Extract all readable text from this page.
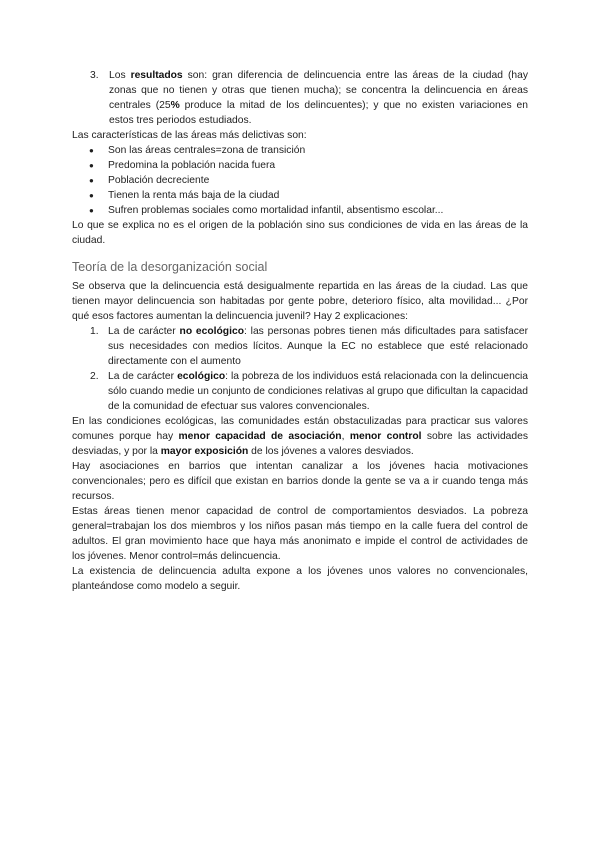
3. Los resultados son: gran diferencia de delincuencia entre las áreas de la ciudad (hay zonas que no tienen y otras que tienen mucha); se concentra la delincuencia en áreas centrales (25% produce la mitad de los delincuentes); y que no existen variaciones en estos tres periodos estudiados.

Las características de las áreas más delictivas son:

● Son las áreas centrales=zona de transición
● Predomina la población nacida fuera
● Población decreciente
● Tienen la renta más baja de la ciudad
● Sufren problemas sociales como mortalidad infantil, absentismo escolar...

Lo que se explica no es el origen de la población sino sus condiciones de vida en las áreas de la ciudad.

Teoría de la desorganización social

Se observa que la delincuencia está desigualmente repartida en las áreas de la ciudad. Las que tienen mayor delincuencia son habitadas por gente pobre, deterioro físico, alta movilidad... ¿Por qué esos factores aumentan la delincuencia juvenil? Hay 2 explicaciones:

1. La de carácter no ecológico: las personas pobres tienen más dificultades para satisfacer sus necesidades con medios lícitos. Aunque la EC no establece que esté relacionado directamente con el aumento
2. La de carácter ecológico: la pobreza de los individuos está relacionada con la delincuencia sólo cuando medie un conjunto de condiciones relativas al grupo que dificultan la capacidad de la comunidad de efectuar sus valores convencionales.

En las condiciones ecológicas, las comunidades están obstaculizadas para practicar sus valores comunes porque hay menor capacidad de asociación, menor control sobre las actividades desviadas, y por la mayor exposición de los jóvenes a valores desviados.

Hay asociaciones en barrios que intentan canalizar a los jóvenes hacia motivaciones convencionales; pero es difícil que existan en barrios donde la gente se va a ir cuando tenga más recursos.

Estas áreas tienen menor capacidad de control de comportamientos desviados. La pobreza general=trabajan los dos miembros y los niños pasan más tiempo en la calle fuera del control de adultos. El gran movimiento hace que haya más anonimato e impide el control de actividades de los jóvenes. Menor control=más delincuencia.

La existencia de delincuencia adulta expone a los jóvenes unos valores no convencionales, planteándose como modelo a seguir.
